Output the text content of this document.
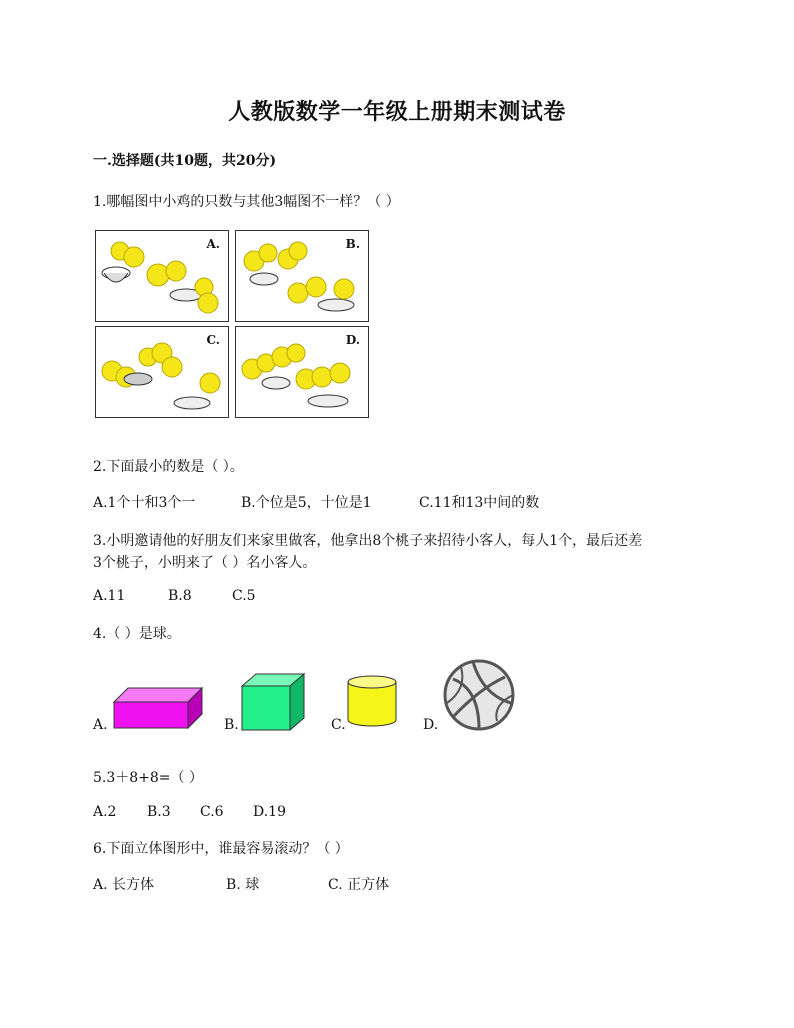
人教版数学一年级上册期末测试卷
一.选择题(共10题，共20分)
1.哪幅图中小鸡的只数与其他3幅图不一样？（ ）
A.	B.
C.	D.
2.下面最小的数是（ ）。
A.1个十和3个一	B.个位是5，十位是1	C.11和13中间的数
3.小明邀请他的好朋友们来家里做客，他拿出8个桃子来招待小客人，每人1个，最后还差
3个桃子，小明来了（ ）名小客人。
A.11	B.8	C.5
4.（ ）是球。
A.	B.	C.	D.
5.3＋8+8=（ ）
A.2 B.3 C.6 D.19
6.下面立体图形中，谁最容易滚动？（ ）
A. 长方体	B. 球	C. 正方体
